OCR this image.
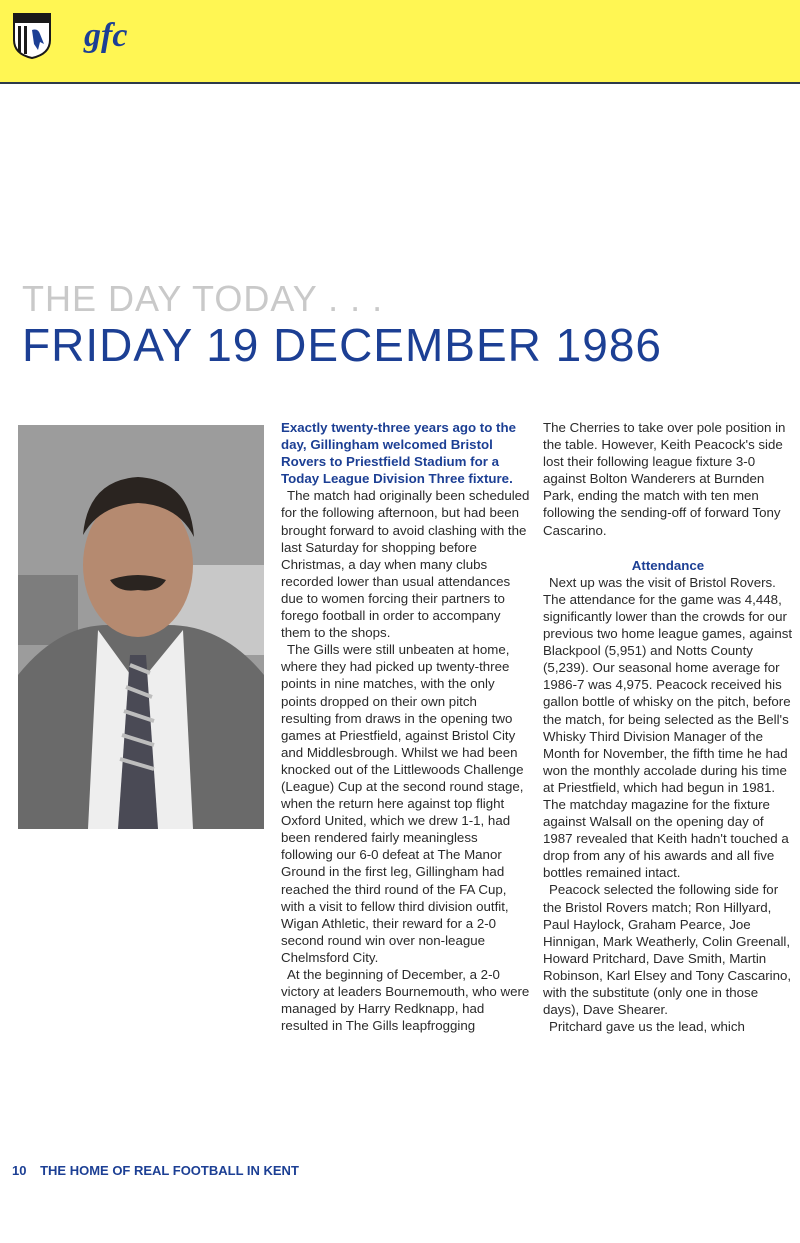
gfc
THE DAY TODAY . . .
FRIDAY 19 DECEMBER 1986
Keith Peacock

Exactly twenty-three years ago to the day, Gillingham welcomed Bristol Rovers to Priestfield Stadium for a Today League Division Three fixture.

The match had originally been scheduled for the following afternoon, but had been brought forward to avoid clashing with the last Saturday for shopping before Christmas, a day when many clubs recorded lower than usual attendances due to women forcing their partners to forego football in order to accompany them to the shops.

The Gills were still unbeaten at home, where they had picked up twenty-three points in nine matches, with the only points dropped on their own pitch resulting from draws in the opening two games at Priestfield, against Bristol City and Middlesbrough. Whilst we had been knocked out of the Littlewoods Challenge (League) Cup at the second round stage, when the return here against top flight Oxford United, which we drew 1-1, had been rendered fairly meaningless following our 6-0 defeat at The Manor Ground in the first leg, Gillingham had reached the third round of the FA Cup, with a visit to fellow third division outfit, Wigan Athletic, their reward for a 2-0 second round win over non-league Chelmsford City.

At the beginning of December, a 2-0 victory at leaders Bournemouth, who were managed by Harry Redknapp, had resulted in The Gills leapfrogging

The Cherries to take over pole position in the table. However, Keith Peacock's side lost their following league fixture 3-0 against Bolton Wanderers at Burnden Park, ending the match with ten men following the sending-off of forward Tony Cascarino.

Attendance

Next up was the visit of Bristol Rovers. The attendance for the game was 4,448, significantly lower than the crowds for our previous two home league games, against Blackpool (5,951) and Notts County (5,239). Our seasonal home average for 1986-7 was 4,975. Peacock received his gallon bottle of whisky on the pitch, before the match, for being selected as the Bell's Whisky Third Division Manager of the Month for November, the fifth time he had won the monthly accolade during his time at Priestfield, which had begun in 1981. The matchday magazine for the fixture against Walsall on the opening day of 1987 revealed that Keith hadn't touched a drop from any of his awards and all five bottles remained intact.

Peacock selected the following side for the Bristol Rovers match; Ron Hillyard, Paul Haylock, Graham Pearce, Joe Hinnigan, Mark Weatherly, Colin Greenall, Howard Pritchard, Dave Smith, Martin Robinson, Karl Elsey and Tony Cascarino, with the substitute (only one in those days), Dave Shearer.

Pritchard gave us the lead, which

10 THE HOME OF REAL FOOTBALL IN KENT
